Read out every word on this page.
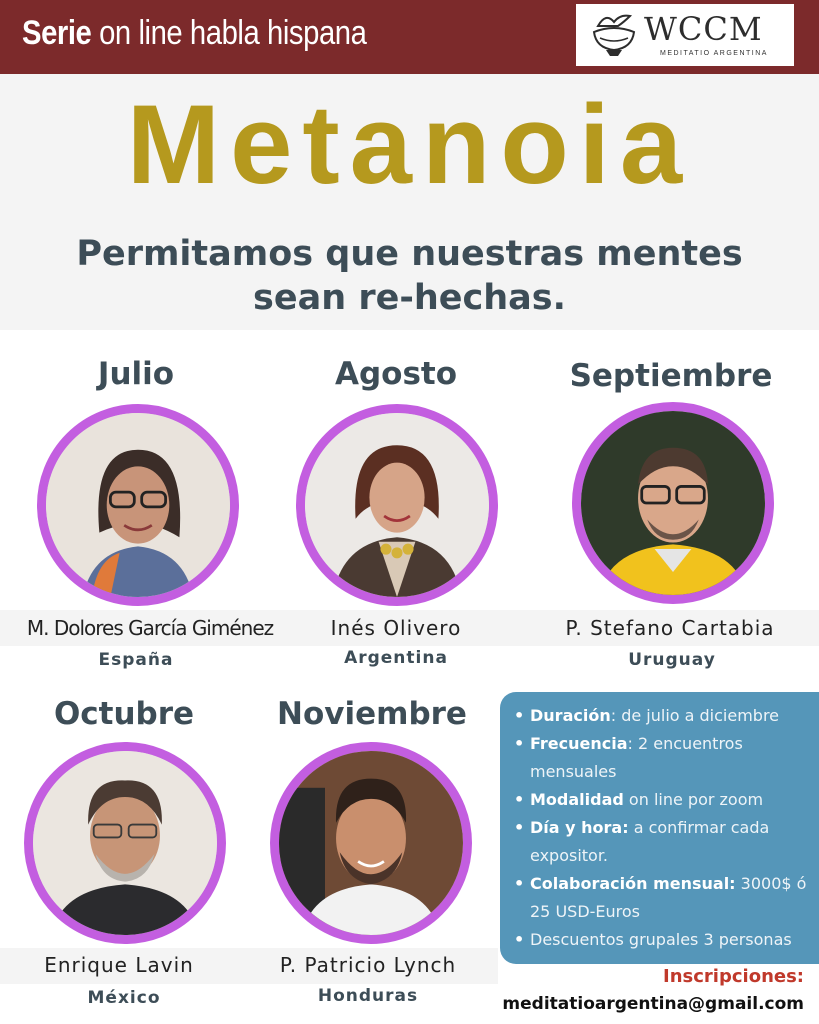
Serie on line habla hispana	WCCM
MEDITATIO ARGENTINA
Metanoia
Permitamos que nuestras mentes
sean re-hechas.
Julio
M. Dolores García Giménez
España
Agosto
Inés Olivero
Argentina
Septiembre
P. Stefano Cartabia
Uruguay
Octubre
Enrique Lavin
México
Noviembre
P. Patricio Lynch
Honduras
• Duración: de julio a diciembre
• Frecuencia: 2 encuentros mensuales
• Modalidad on line por zoom
• Día y hora: a confirmar cada expositor.
• Colaboración mensual: 3000$ ó 25 USD-Euros
• Descuentos grupales 3 personas
Inscripciones:
meditatioargentina@gmail.com
